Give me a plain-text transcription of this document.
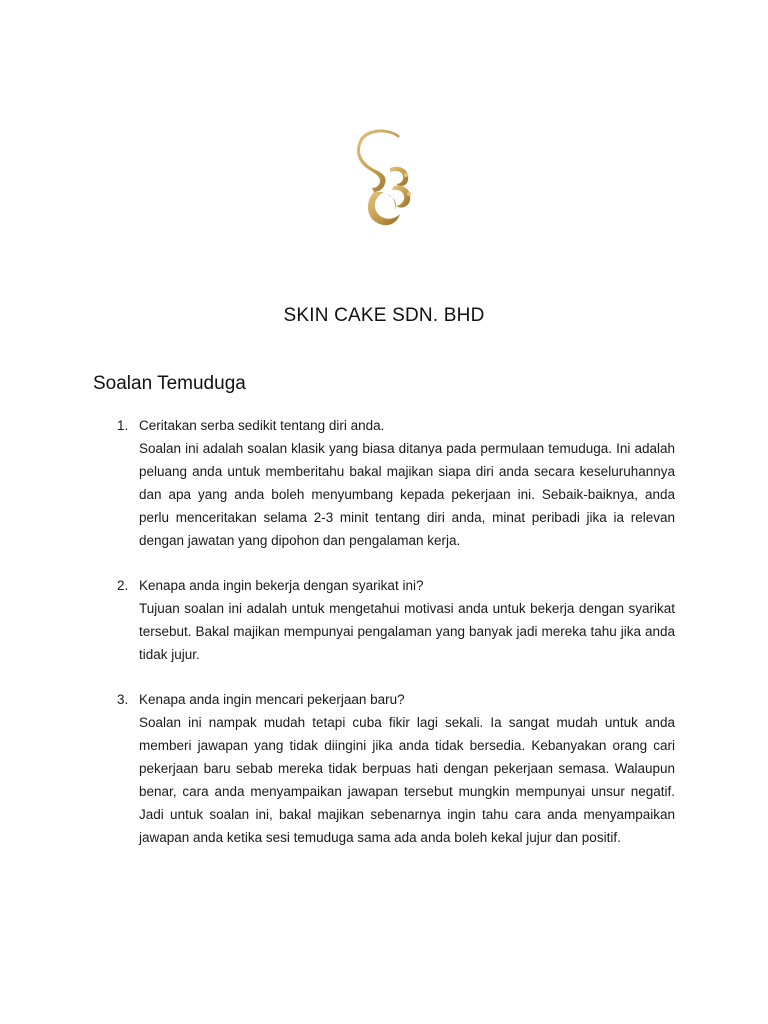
SKIN CAKE SDN. BHD
Soalan Temuduga
1. Ceritakan serba sedikit tentang diri anda.

Soalan ini adalah soalan klasik yang biasa ditanya pada permulaan temuduga. Ini adalah peluang anda untuk memberitahu bakal majikan siapa diri anda secara keseluruhannya dan apa yang anda boleh menyumbang kepada pekerjaan ini. Sebaik-baiknya, anda perlu menceritakan selama 2-3 minit tentang diri anda, minat peribadi jika ia relevan dengan jawatan yang dipohon dan pengalaman kerja.

2. Kenapa anda ingin bekerja dengan syarikat ini?

Tujuan soalan ini adalah untuk mengetahui motivasi anda untuk bekerja dengan syarikat tersebut. Bakal majikan mempunyai pengalaman yang banyak jadi mereka tahu jika anda tidak jujur.

3. Kenapa anda ingin mencari pekerjaan baru?

Soalan ini nampak mudah tetapi cuba fikir lagi sekali. Ia sangat mudah untuk anda memberi jawapan yang tidak diingini jika anda tidak bersedia. Kebanyakan orang cari pekerjaan baru sebab mereka tidak berpuas hati dengan pekerjaan semasa. Walaupun benar, cara anda menyampaikan jawapan tersebut mungkin mempunyai unsur negatif. Jadi untuk soalan ini, bakal majikan sebenarnya ingin tahu cara anda menyampaikan jawapan anda ketika sesi temuduga sama ada anda boleh kekal jujur dan positif.
